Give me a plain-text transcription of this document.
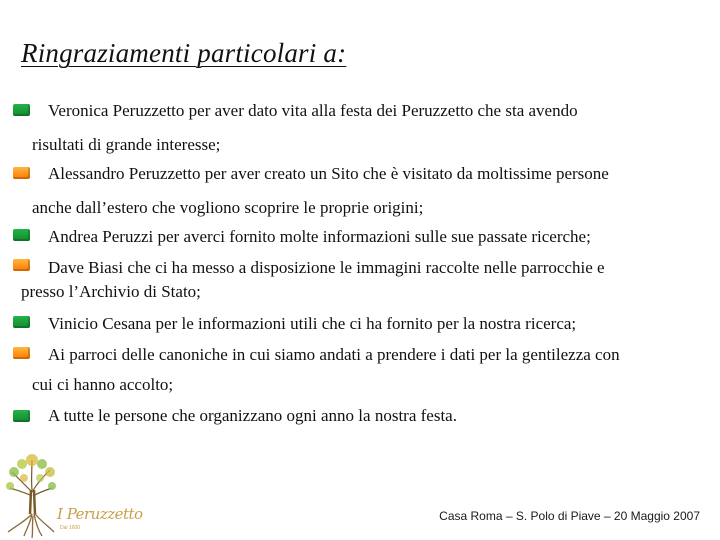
Ringraziamenti particolari a:
Veronica Peruzzetto per aver dato vita alla festa dei Peruzzetto che sta avendo
risultati di grande interesse;
Alessandro Peruzzetto per aver creato un Sito che è visitato da moltissime persone
anche dall’estero che vogliono scoprire le proprie origini;
Andrea Peruzzi per averci fornito molte informazioni sulle sue passate ricerche;
Dave Biasi che ci ha messo a disposizione le immagini raccolte nelle parrocchie e
presso l’Archivio di Stato;
Vinicio Cesana per le informazioni utili che ci ha fornito per la nostra ricerca;
Ai parroci delle canoniche in cui siamo andati a prendere i dati per la gentilezza con
cui ci hanno accolto;
A tutte le persone che organizzano ogni anno la nostra festa.
I Peruzzetto
Dal 1600
Casa Roma – S. Polo di Piave – 20 Maggio 2007
